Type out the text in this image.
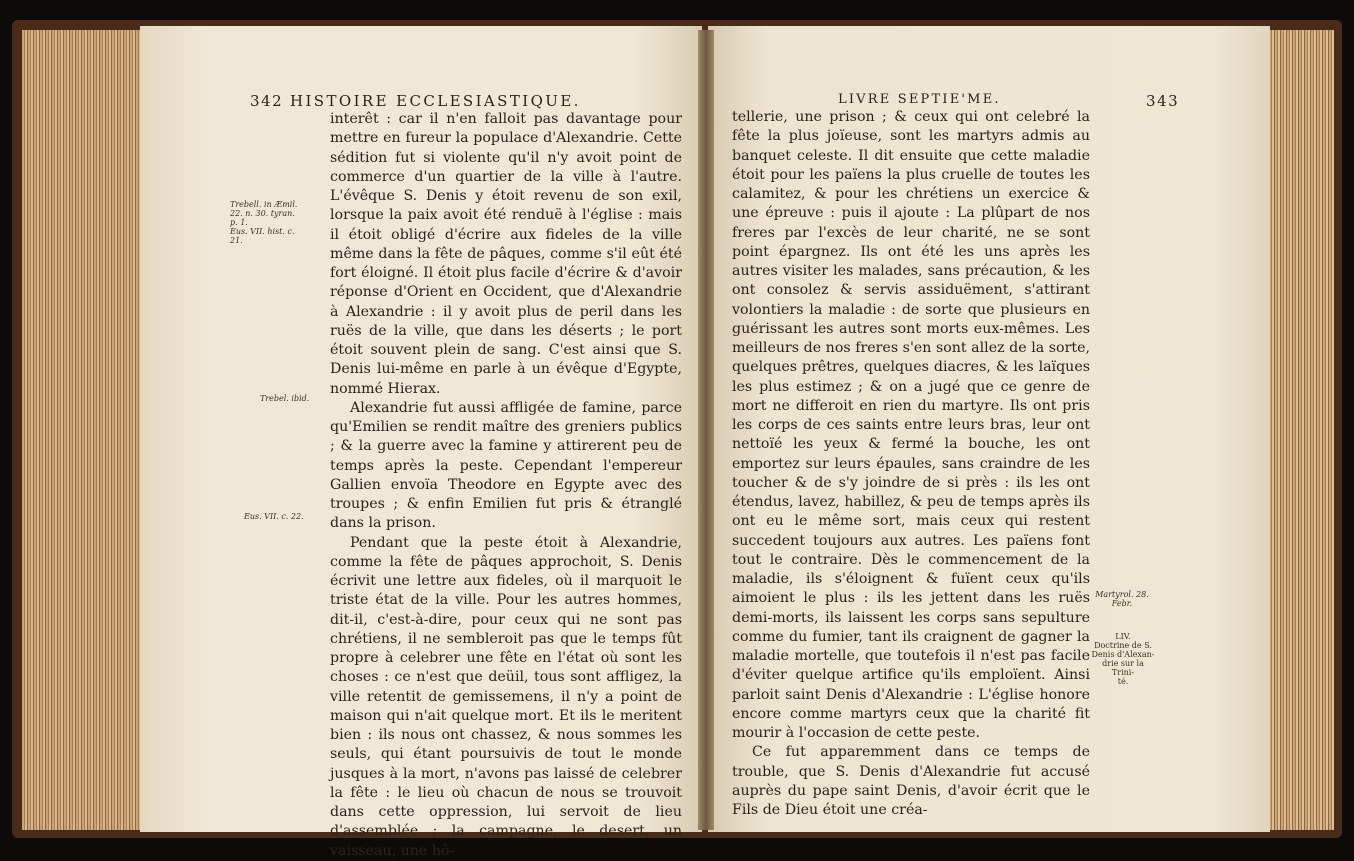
342 HISTOIRE ECCLESIASTIQUE.
Trebell. in Æmil.
22. n. 30. tyran.
p. 1.
Eus. VII. hist. c.
21.
Trebel. ibid.
Eus. VII. c. 22.

interêt : car il n'en falloit pas davantage pour mettre en fureur la populace d'Alexandrie. Cette sédition fut si violente qu'il n'y avoit point de commerce d'un quartier de la ville à l'autre. L'évêque S. Denis y étoit revenu de son exil, lorsque la paix avoit été renduë à l'église : mais il étoit obligé d'écrire aux fideles de la ville même dans la fête de pâques, comme s'il eût été fort éloigné. Il étoit plus facile d'écrire & d'avoir réponse d'Orient en Occident, que d'Alexandrie à Alexandrie : il y avoit plus de peril dans les ruës de la ville, que dans les déserts ; le port étoit souvent plein de sang. C'est ainsi que S. Denis lui-même en parle à un évêque d'Egypte, nommé Hierax.

Alexandrie fut aussi affligée de famine, parce qu'Emilien se rendit maître des greniers publics ; & la guerre avec la famine y attirerent peu de temps après la peste. Cependant l'empereur Gallien envoïa Theodore en Egypte avec des troupes ; & enfin Emilien fut pris & étranglé dans la prison.

Pendant que la peste étoit à Alexandrie, comme la fête de pâques approchoit, S. Denis écrivit une lettre aux fideles, où il marquoit le triste état de la ville. Pour les autres hommes, dit-il, c'est-à-dire, pour ceux qui ne sont pas chrétiens, il ne sembleroit pas que le temps fût propre à celebrer une fête en l'état où sont les choses : ce n'est que deüil, tous sont affligez, la ville retentit de gemissemens, il n'y a point de maison qui n'ait quelque mort. Et ils le meritent bien : ils nous ont chassez, & nous sommes les seuls, qui étant poursuivis de tout le monde jusques à la mort, n'avons pas laissé de celebrer la fête : le lieu où chacun de nous se trouvoit dans cette oppression, lui servoit de lieu d'assemblée ; la campagne, le desert, un vaisseau, une hô-

LIVRE SEPTIE'ME.	343

tellerie, une prison ; & ceux qui ont celebré la fête la plus joïeuse, sont les martyrs admis au banquet celeste. Il dit ensuite que cette maladie étoit pour les païens la plus cruelle de toutes les calamitez, & pour les chrétiens un exercice & une épreuve : puis il ajoute : La plûpart de nos freres par l'excès de leur charité, ne se sont point épargnez. Ils ont été les uns après les autres visiter les malades, sans précaution, & les ont consolez & servis assiduëment, s'attirant volontiers la maladie : de sorte que plusieurs en guérissant les autres sont morts eux-mêmes. Les meilleurs de nos freres s'en sont allez de la sorte, quelques prêtres, quelques diacres, & les laïques les plus estimez ; & on a jugé que ce genre de mort ne differoit en rien du martyre. Ils ont pris les corps de ces saints entre leurs bras, leur ont nettoïé les yeux & fermé la bouche, les ont emportez sur leurs épaules, sans craindre de les toucher & de s'y joindre de si près : ils les ont étendus, lavez, habillez, & peu de temps après ils ont eu le même sort, mais ceux qui restent succedent toujours aux autres. Les païens font tout le contraire. Dès le commencement de la maladie, ils s'éloignent & fuïent ceux qu'ils aimoient le plus : ils les jettent dans les ruës demi-morts, ils laissent les corps sans sepulture comme du fumier, tant ils craignent de gagner la maladie mortelle, que toutefois il n'est pas facile d'éviter quelque artifice qu'ils emploïent. Ainsi parloit saint Denis d'Alexandrie : L'église honore encore comme martyrs ceux que la charité fit mourir à l'occasion de cette peste.

Ce fut apparemment dans ce temps de trouble, que S. Denis d'Alexandrie fut accusé auprès du pape saint Denis, d'avoir écrit que le Fils de Dieu étoit une créa-

Martyrol. 28.
Febr.
LIV.
Doctrine de S.
Denis d'Alexan-
drie sur la Trini-
té.
